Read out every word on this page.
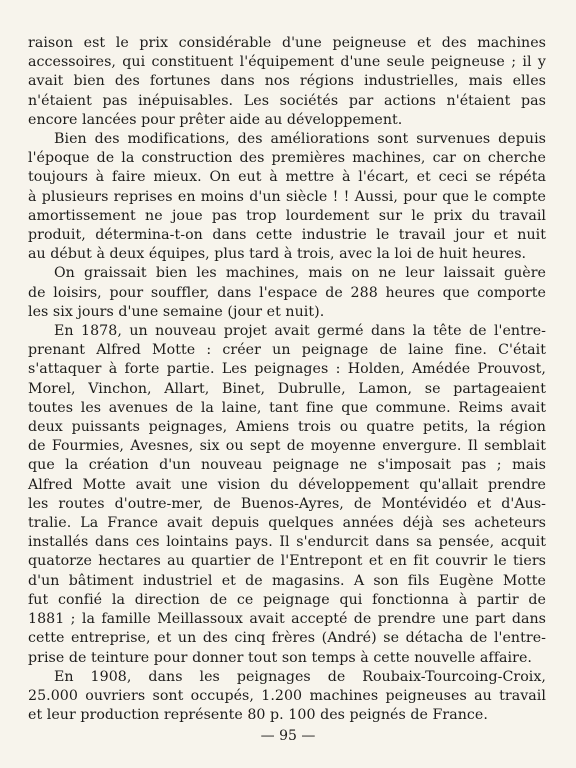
raison est le prix considérable d'une peigneuse et des machines
accessoires, qui constituent l'équipement d'une seule peigneuse ; il y
avait bien des fortunes dans nos régions industrielles, mais elles
n'étaient pas inépuisables. Les sociétés par actions n'étaient pas
encore lancées pour prêter aide au développement.
Bien des modifications, des améliorations sont survenues depuis
l'époque de la construction des premières machines, car on cherche
toujours à faire mieux. On eut à mettre à l'écart, et ceci se répéta
à plusieurs reprises en moins d'un siècle ! ! Aussi, pour que le compte
amortissement ne joue pas trop lourdement sur le prix du travail
produit, détermina-t-on dans cette industrie le travail jour et nuit
au début à deux équipes, plus tard à trois, avec la loi de huit heures.
On graissait bien les machines, mais on ne leur laissait guère
de loisirs, pour souffler, dans l'espace de 288 heures que comporte
les six jours d'une semaine (jour et nuit).
En 1878, un nouveau projet avait germé dans la tête de l'entre-
prenant Alfred Motte : créer un peignage de laine fine. C'était
s'attaquer à forte partie. Les peignages : Holden, Amédée Prouvost,
Morel, Vinchon, Allart, Binet, Dubrulle, Lamon, se partageaient
toutes les avenues de la laine, tant fine que commune. Reims avait
deux puissants peignages, Amiens trois ou quatre petits, la région
de Fourmies, Avesnes, six ou sept de moyenne envergure. Il semblait
que la création d'un nouveau peignage ne s'imposait pas ; mais
Alfred Motte avait une vision du développement qu'allait prendre
les routes d'outre-mer, de Buenos-Ayres, de Montévidéo et d'Aus-
tralie. La France avait depuis quelques années déjà ses acheteurs
installés dans ces lointains pays. Il s'endurcit dans sa pensée, acquit
quatorze hectares au quartier de l'Entrepont et en fit couvrir le tiers
d'un bâtiment industriel et de magasins. A son fils Eugène Motte
fut confié la direction de ce peignage qui fonctionna à partir de
1881 ; la famille Meillassoux avait accepté de prendre une part dans
cette entreprise, et un des cinq frères (André) se détacha de l'entre-
prise de teinture pour donner tout son temps à cette nouvelle affaire.
En 1908, dans les peignages de Roubaix-Tourcoing-Croix,
25.000 ouvriers sont occupés, 1.200 machines peigneuses au travail
et leur production représente 80 p. 100 des peignés de France.
— 95 —
